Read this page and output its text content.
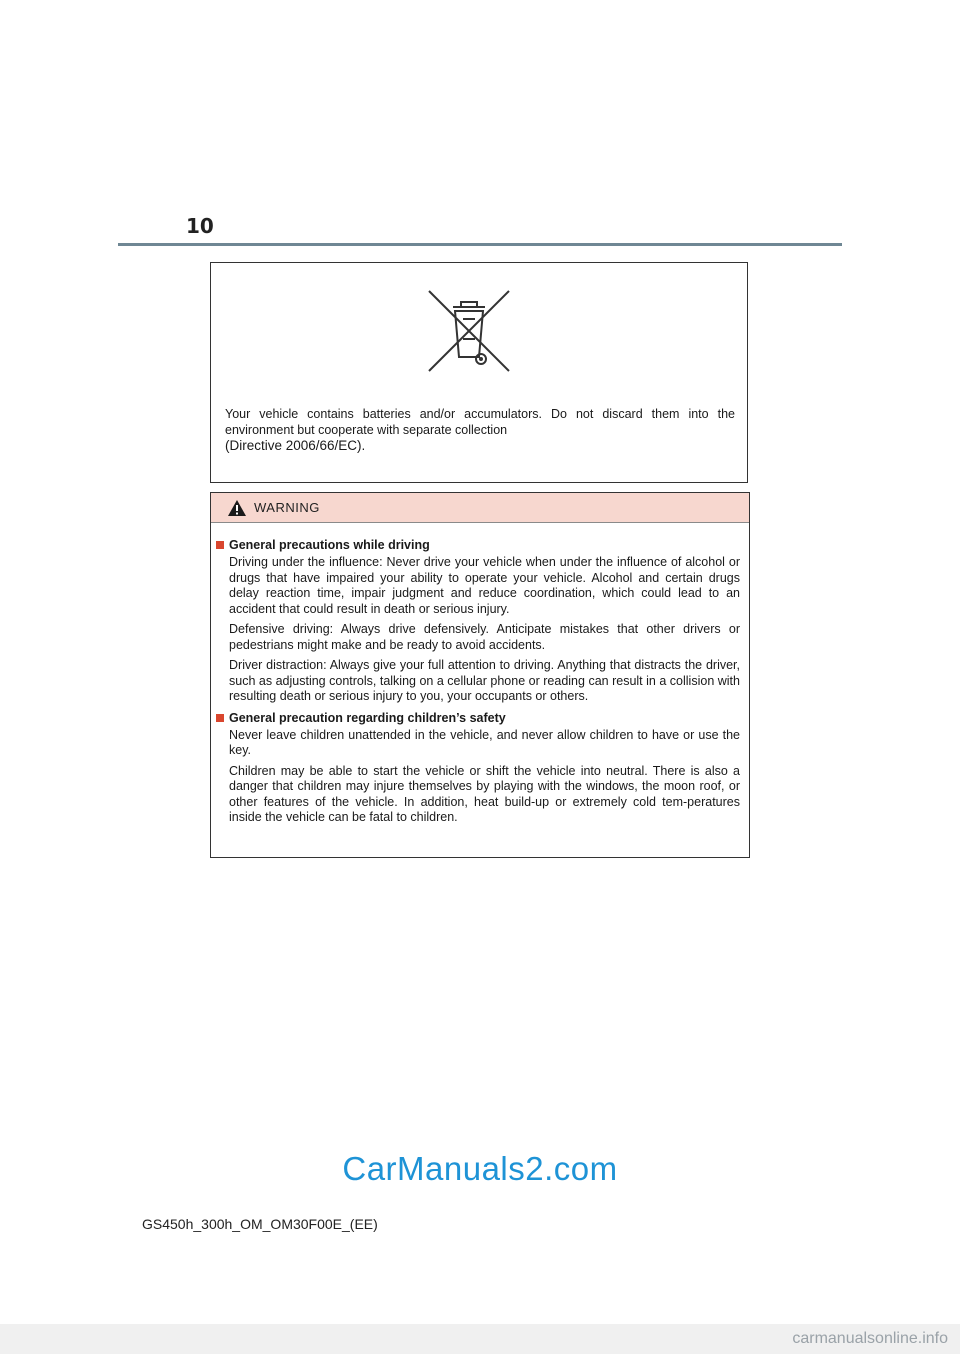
10
Your vehicle contains batteries and/or accumulators. Do not discard them into the environment but cooperate with separate collection
(Directive 2006/66/EC).
WARNING
General precautions while driving
Driving under the influence: Never drive your vehicle when under the influence of alcohol or drugs that have impaired your ability to operate your vehicle. Alcohol and certain drugs delay reaction time, impair judgment and reduce coordination, which could lead to an accident that could result in death or serious injury.
Defensive driving: Always drive defensively. Anticipate mistakes that other drivers or pedestrians might make and be ready to avoid accidents.
Driver distraction: Always give your full attention to driving. Anything that distracts the driver, such as adjusting controls, talking on a cellular phone or reading can result in a collision with resulting death or serious injury to you, your occupants or others.
General precaution regarding children’s safety
Never leave children unattended in the vehicle, and never allow children to have or use the key.
Children may be able to start the vehicle or shift the vehicle into neutral. There is also a danger that children may injure themselves by playing with the windows, the moon roof, or other features of the vehicle. In addition, heat build-up or extremely cold tem-peratures inside the vehicle can be fatal to children.
CarManuals2.com
GS450h_300h_OM_OM30F00E_(EE)
carmanualsonline.info
